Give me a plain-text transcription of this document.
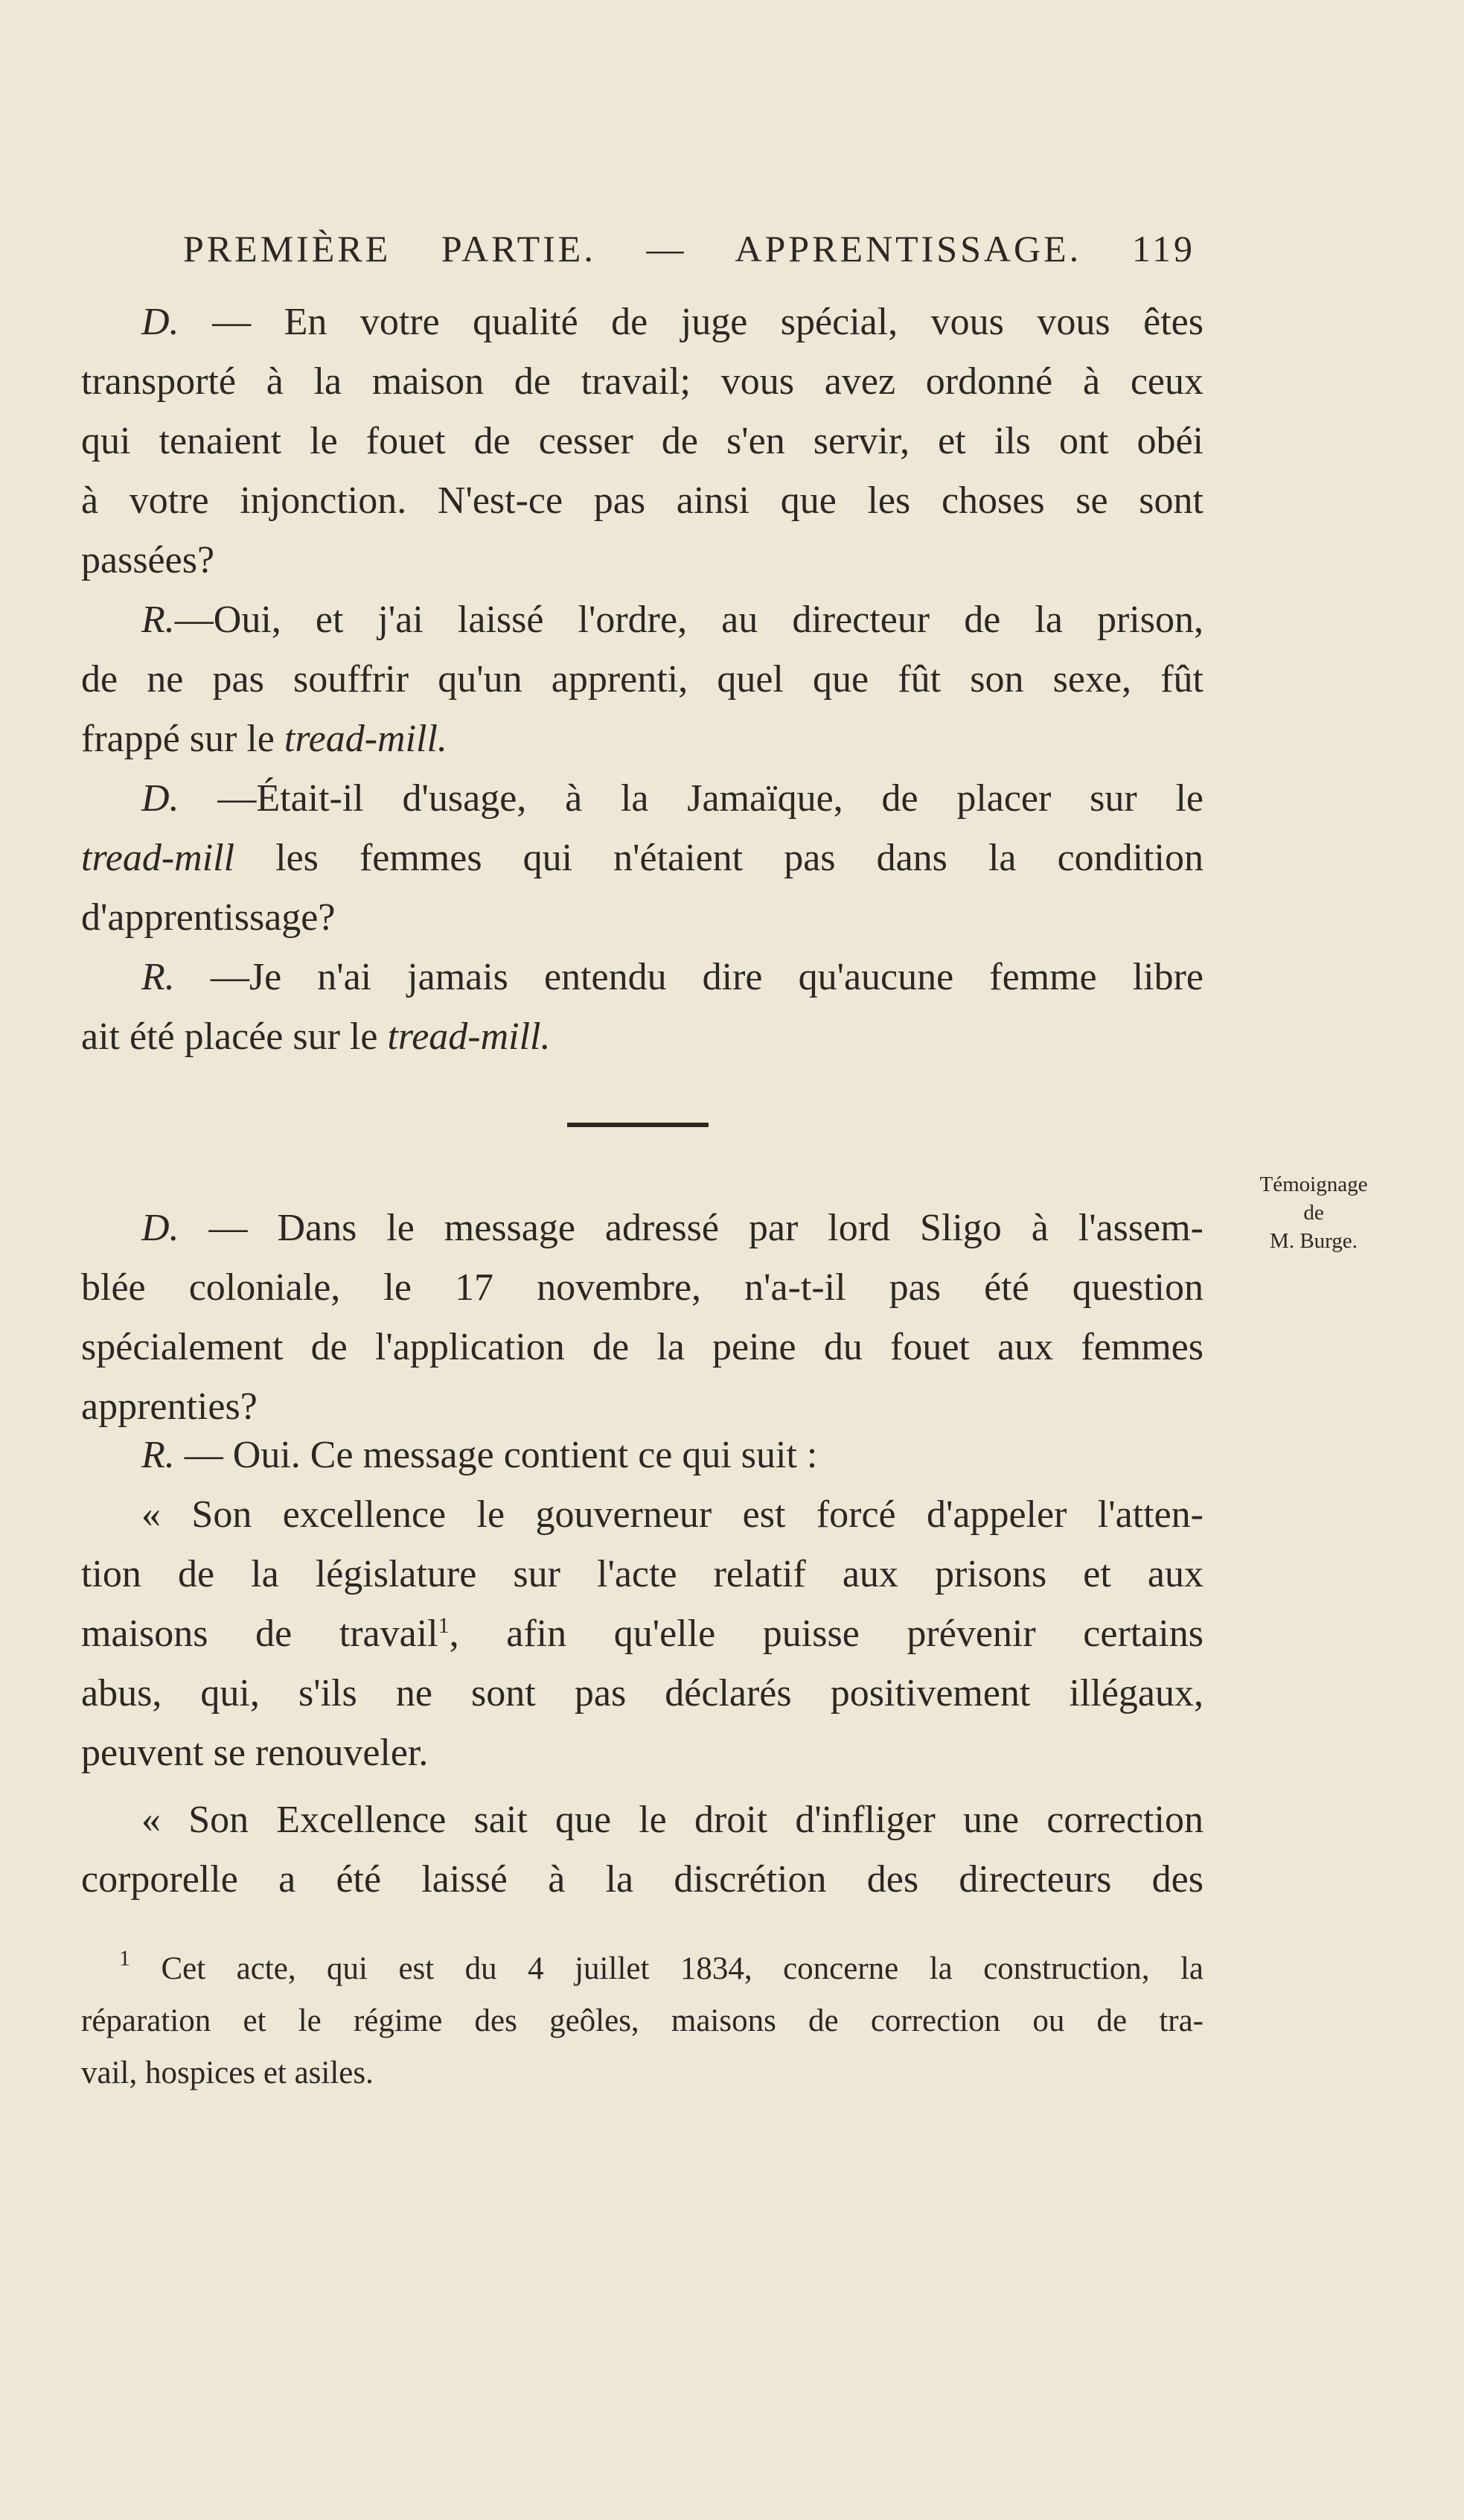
PREMIÈRE PARTIE. — APPRENTISSAGE. 119
D. — En votre qualité de juge spécial, vous vous êtes
transporté à la maison de travail; vous avez ordonné à ceux
qui tenaient le fouet de cesser de s'en servir, et ils ont obéi
à votre injonction. N'est-ce pas ainsi que les choses se sont
passées?
R.—Oui, et j'ai laissé l'ordre, au directeur de la prison,
de ne pas souffrir qu'un apprenti, quel que fût son sexe, fût
frappé sur le tread-mill.
D. —Était-il d'usage, à la Jamaïque, de placer sur le
tread-mill les femmes qui n'étaient pas dans la condition
d'apprentissage?
R. —Je n'ai jamais entendu dire qu'aucune femme libre
ait été placée sur le tread-mill.
Témoignage
de
M. Burge.
D. — Dans le message adressé par lord Sligo à l'assem-
blée coloniale, le 17 novembre, n'a-t-il pas été question
spécialement de l'application de la peine du fouet aux femmes
apprenties?
R. — Oui. Ce message contient ce qui suit :
« Son excellence le gouverneur est forcé d'appeler l'atten-
tion de la législature sur l'acte relatif aux prisons et aux
maisons de travail$^1$, afin qu'elle puisse prévenir certains
abus, qui, s'ils ne sont pas déclarés positivement illégaux,
peuvent se renouveler.
« Son Excellence sait que le droit d'infliger une correction
corporelle a été laissé à la discrétion des directeurs des
$^1$ Cet acte, qui est du 4 juillet 1834, concerne la construction, la
réparation et le régime des geôles, maisons de correction ou de tra-
vail, hospices et asiles.
